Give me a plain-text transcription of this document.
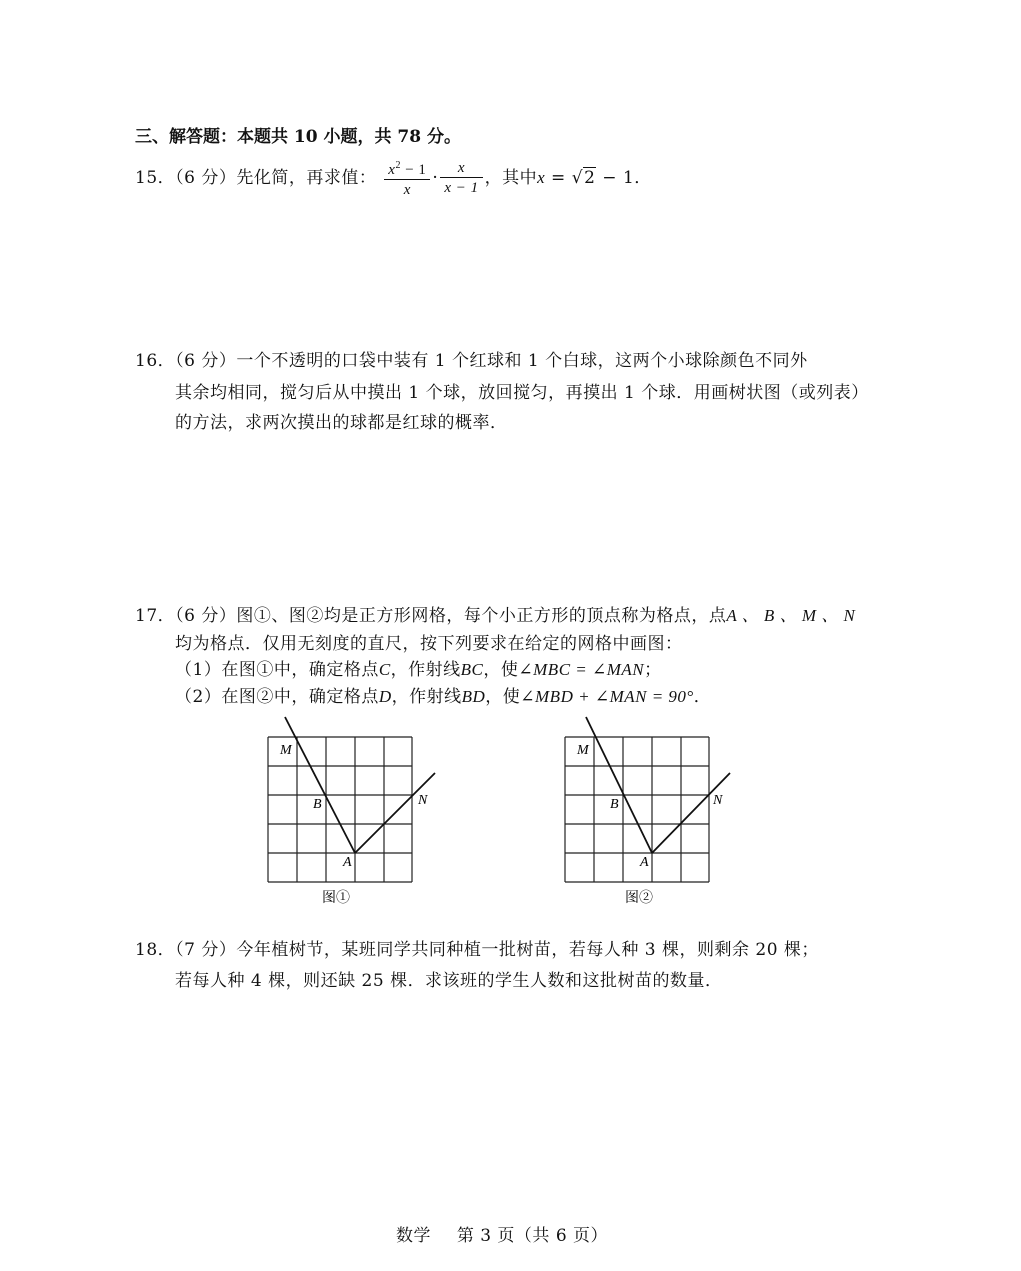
三、解答题：本题共 10 小题，共 78 分。
15．（6 分）先化简，再求值： $\frac{x^2 - 1}{x} \cdot \frac{x}{x - 1}$ ，其中x = √2 − 1．
16．（6 分）一个不透明的口袋中装有 1 个红球和 1 个白球，这两个小球除颜色不同外
其余均相同，搅匀后从中摸出 1 个球，放回搅匀，再摸出 1 个球．用画树状图（或列表）
的方法，求两次摸出的球都是红球的概率．
17．（6 分）图①、图②均是正方形网格，每个小正方形的顶点称为格点，点A 、 B 、 M 、 N
均为格点．仅用无刻度的直尺，按下列要求在给定的网格中画图：
（1）在图①中，确定格点C，作射线BC，使∠MBC = ∠MAN；
（2）在图②中，确定格点D，作射线BD，使∠MBD + ∠MAN = 90°．
M
B	N
A
图①
M
B	N
A
图②
18．（7 分）今年植树节，某班同学共同种植一批树苗，若每人种 3 棵，则剩余 20 棵；
若每人种 4 棵，则还缺 25 棵．求该班的学生人数和这批树苗的数量．
数学 第 3 页（共 6 页）
